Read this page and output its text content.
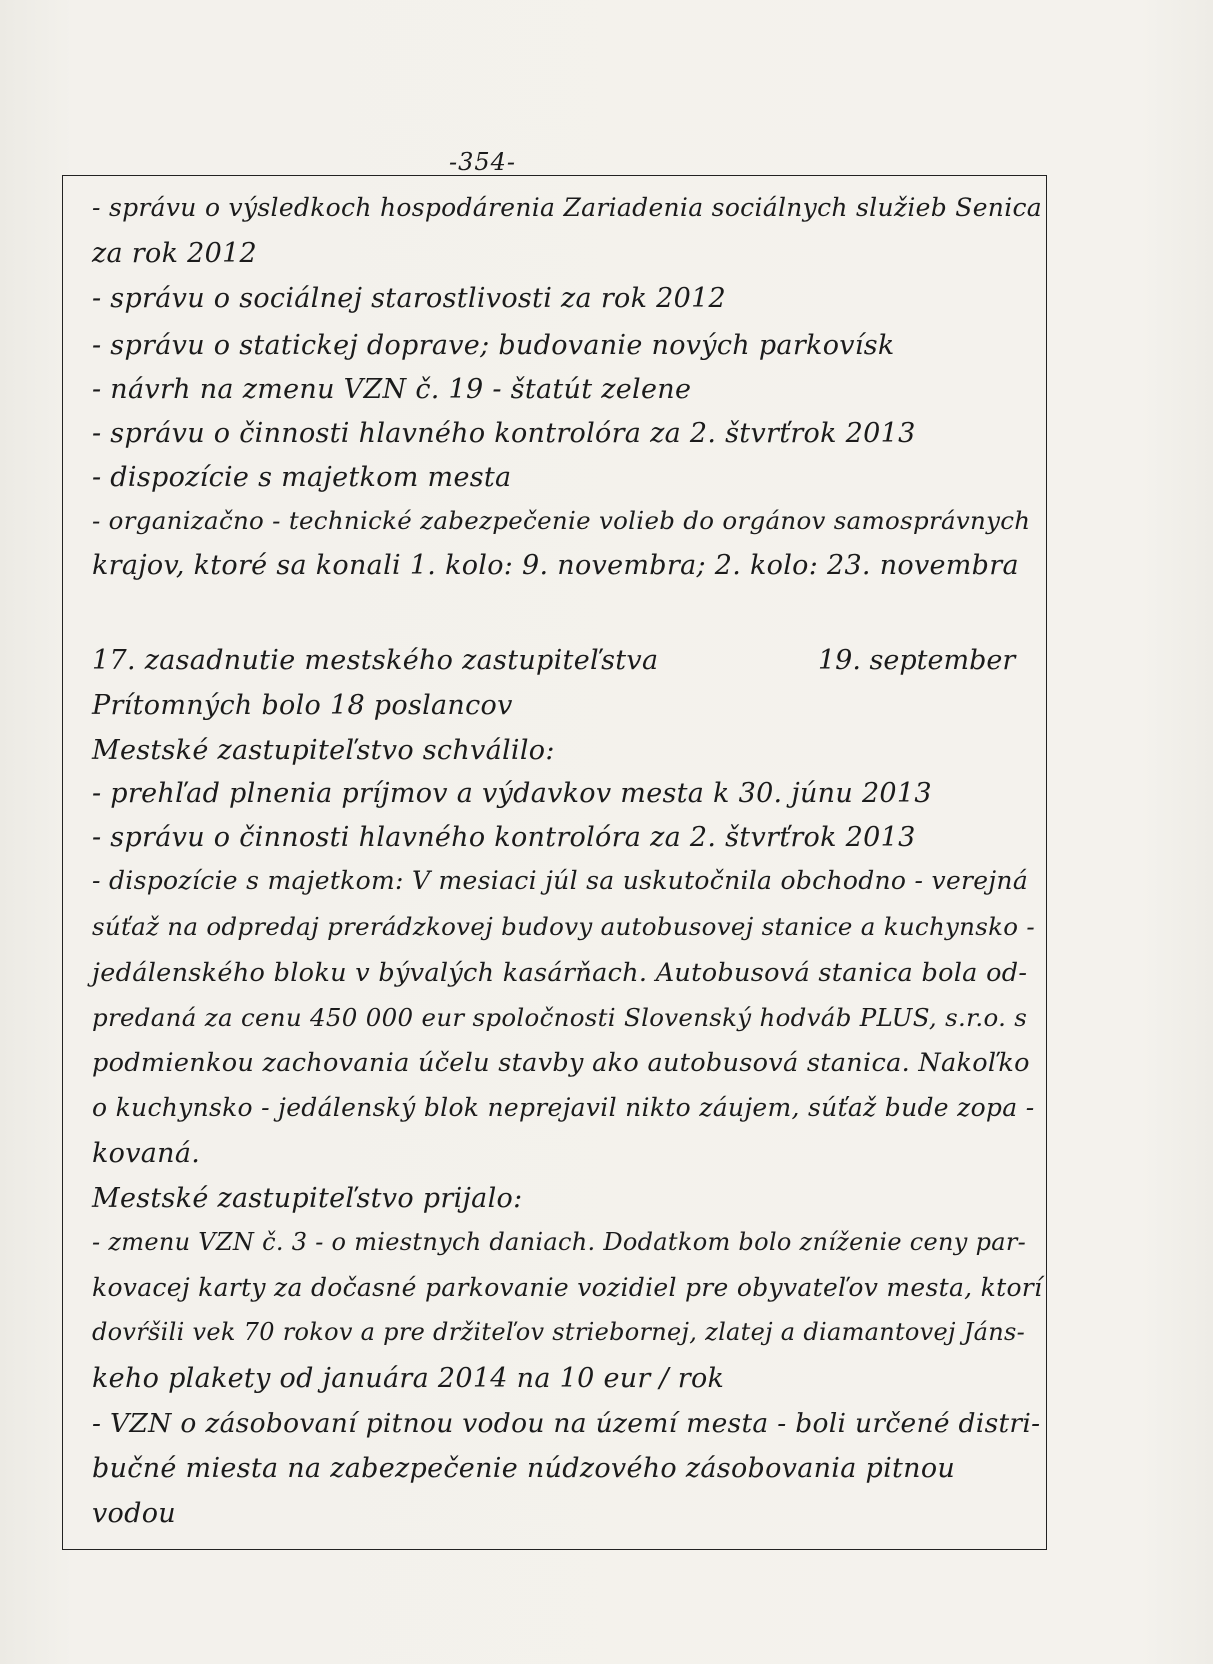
-354-
- správu o výsledkoch hospodárenia Zariadenia sociálnych služieb Senica
za rok 2012
- správu o sociálnej starostlivosti za rok 2012
- správu o statickej doprave; budovanie nových parkovísk
- návrh na zmenu VZN č. 19 - štatút zelene
- správu o činnosti hlavného kontrolóra za 2. štvrťrok 2013
- dispozície s majetkom mesta
- organizačno - technické zabezpečenie volieb do orgánov samosprávnych
krajov, ktoré sa konali 1. kolo: 9. novembra; 2. kolo: 23. novembra
17. zasadnutie mestského zastupiteľstva	19. september
Prítomných bolo 18 poslancov
Mestské zastupiteľstvo schválilo:
- prehľad plnenia príjmov a výdavkov mesta k 30. júnu 2013
- správu o činnosti hlavného kontrolóra za 2. štvrťrok 2013
- dispozície s majetkom: V mesiaci júl sa uskutočnila obchodno - verejná
súťaž na odpredaj prerádzkovej budovy autobusovej stanice a kuchynsko -
jedálenského bloku v bývalých kasárňach. Autobusová stanica bola od-
predaná za cenu 450 000 eur spoločnosti Slovenský hodváb PLUS, s.r.o. s
podmienkou zachovania účelu stavby ako autobusová stanica. Nakoľko
o kuchynsko - jedálenský blok neprejavil nikto záujem, súťaž bude zopa -
kovaná.
Mestské zastupiteľstvo prijalo:
- zmenu VZN č. 3 - o miestnych daniach. Dodatkom bolo zníženie ceny par-
kovacej karty za dočasné parkovanie vozidiel pre obyvateľov mesta, ktorí
dovŕšili vek 70 rokov a pre držiteľov striebornej, zlatej a diamantovej Jáns-
keho plakety od januára 2014 na 10 eur / rok
- VZN o zásobovaní pitnou vodou na území mesta - boli určené distri-
bučné miesta na zabezpečenie núdzového zásobovania pitnou
vodou
